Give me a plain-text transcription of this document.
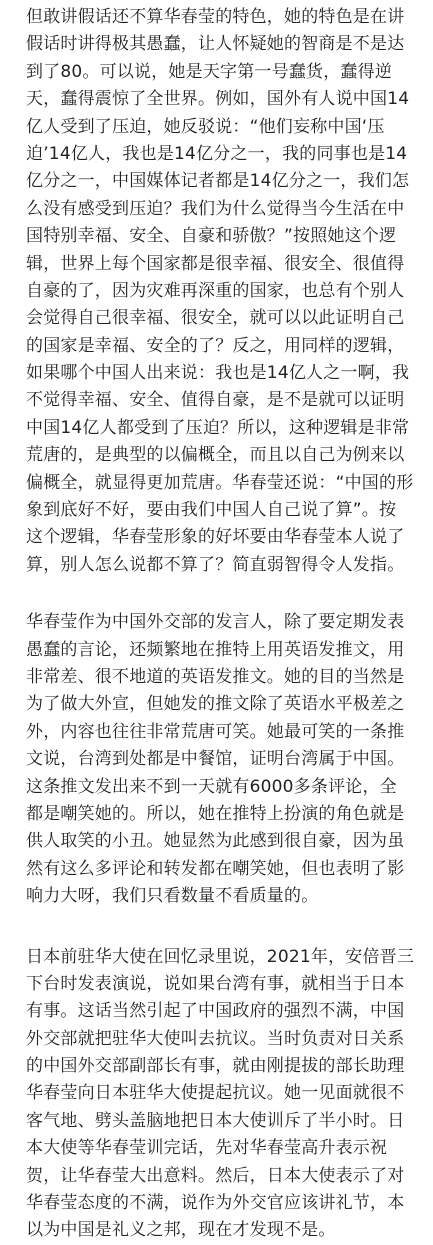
但敢讲假话还不算华春莹的特色，她的特色是在讲
假话时讲得极其愚蠢，让人怀疑她的智商是不是达
到了80。可以说，她是天字第一号蠢货，蠢得逆
天，蠢得震惊了全世界。例如，国外有人说中国14
亿人受到了压迫，她反驳说：“他们妄称中国‘压
迫’14亿人，我也是14亿分之一，我的同事也是14
亿分之一，中国媒体记者都是14亿分之一，我们怎
么没有感受到压迫？我们为什么觉得当今生活在中
国特别幸福、安全、自豪和骄傲？”按照她这个逻
辑，世界上每个国家都是很幸福、很安全、很值得
自豪的了，因为灾难再深重的国家，也总有个别人
会觉得自己很幸福、很安全，就可以以此证明自己
的国家是幸福、安全的了？反之，用同样的逻辑，
如果哪个中国人出来说：我也是14亿人之一啊，我
不觉得幸福、安全、值得自豪，是不是就可以证明
中国14亿人都受到了压迫？所以，这种逻辑是非常
荒唐的，是典型的以偏概全，而且以自己为例来以
偏概全，就显得更加荒唐。华春莹还说：“中国的形
象到底好不好，要由我们中国人自己说了算”。按
这个逻辑，华春莹形象的好坏要由华春莹本人说了
算，别人怎么说都不算了？简直弱智得令人发指。
华春莹作为中国外交部的发言人，除了要定期发表
愚蠢的言论，还频繁地在推特上用英语发推文，用
非常差、很不地道的英语发推文。她的目的当然是
为了做大外宣，但她发的推文除了英语水平极差之
外，内容也往往非常荒唐可笑。她最可笑的一条推
文说，台湾到处都是中餐馆，证明台湾属于中国。
这条推文发出来不到一天就有6000多条评论，全
都是嘲笑她的。所以，她在推特上扮演的角色就是
供人取笑的小丑。她显然为此感到很自豪，因为虽
然有这么多评论和转发都在嘲笑她，但也表明了影
响力大呀，我们只看数量不看质量的。
日本前驻华大使在回忆录里说，2021年，安倍晋三
下台时发表演说，说如果台湾有事，就相当于日本
有事。这话当然引起了中国政府的强烈不满，中国
外交部就把驻华大使叫去抗议。当时负责对日关系
的中国外交部副部长有事，就由刚提拔的部长助理
华春莹向日本驻华大使提起抗议。她一见面就很不
客气地、劈头盖脑地把日本大使训斥了半小时。日
本大使等华春莹训完话，先对华春莹高升表示祝
贺，让华春莹大出意料。然后，日本大使表示了对
华春莹态度的不满，说作为外交官应该讲礼节，本
以为中国是礼义之邦，现在才发现不是。
